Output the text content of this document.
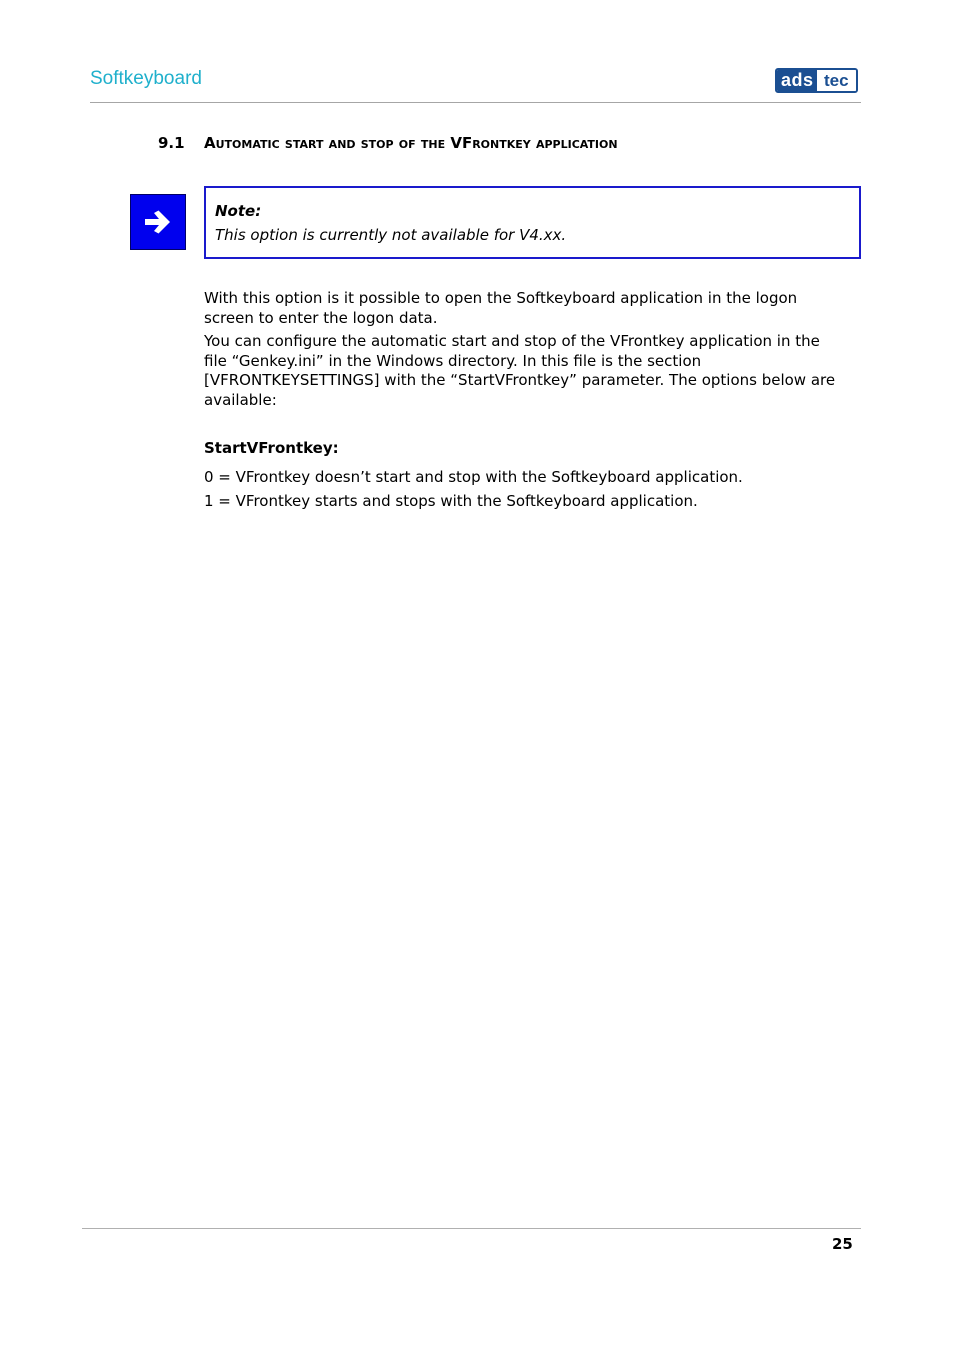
Softkeyboard	ads tec
9.1 Automatic start and stop of the VFrontkey application
Note:
This option is currently not available for V4.xx.

With this option is it possible to open the Softkeyboard application in the logon screen to enter the logon data.

You can configure the automatic start and stop of the VFrontkey application in the file “Genkey.ini” in the Windows directory. In this file is the section [VFRONTKEYSETTINGS] with the “StartVFrontkey” parameter. The options below are available:

StartVFrontkey:
0 = VFrontkey doesn’t start and stop with the Softkeyboard application.
1 = VFrontkey starts and stops with the Softkeyboard application.
25
